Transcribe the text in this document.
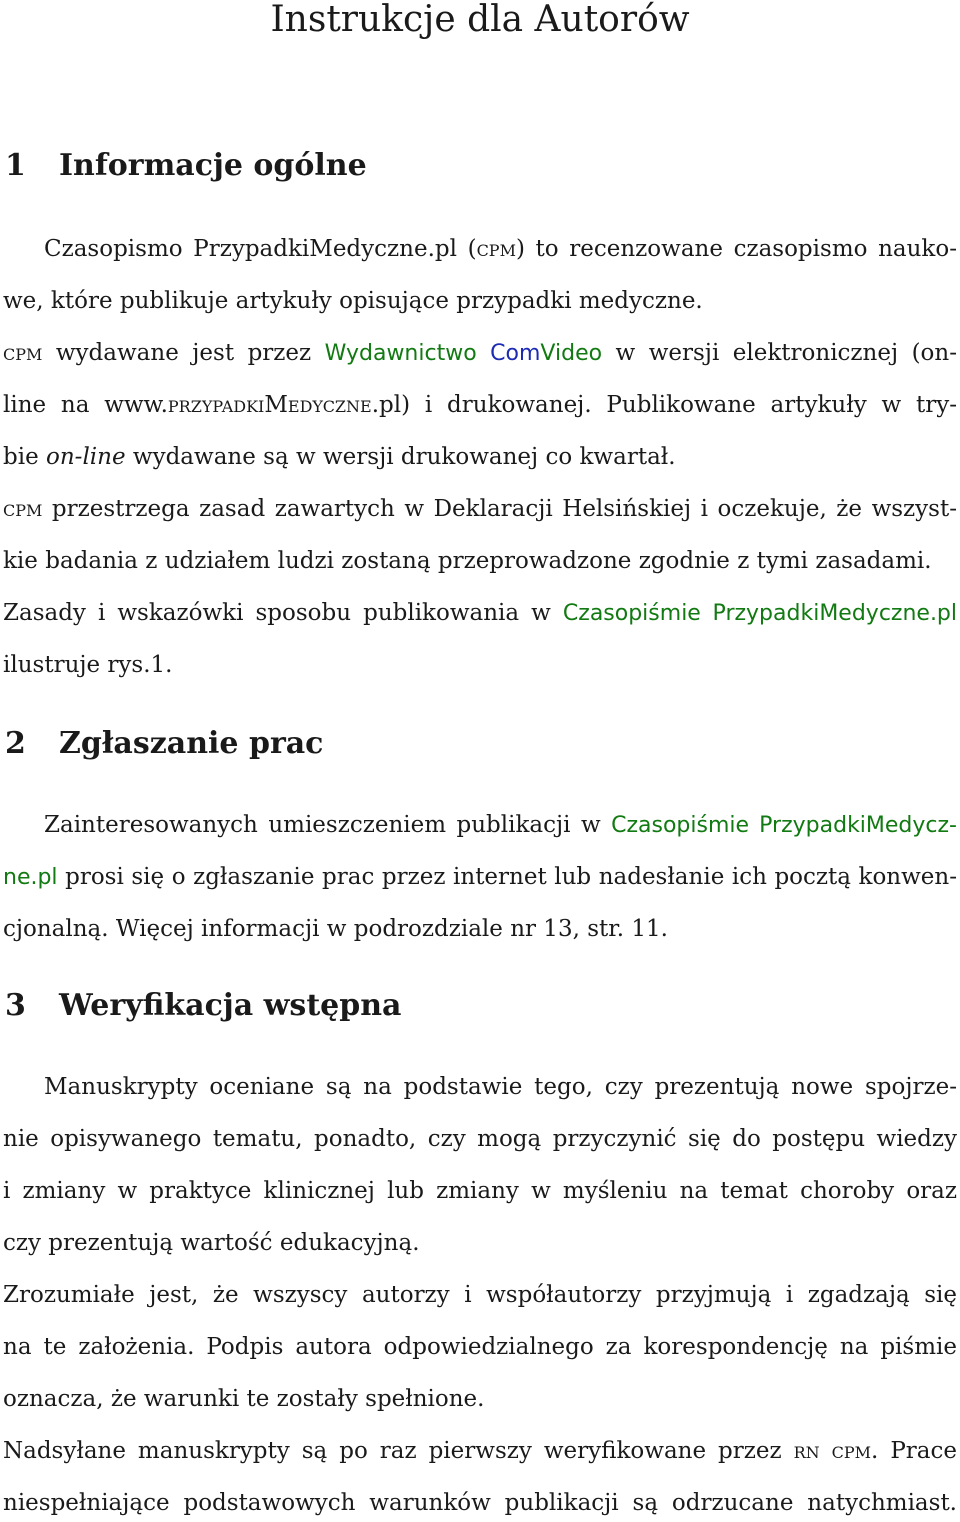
Instrukcje dla Autorów
1 Informacje ogólne
Czasopismo PrzypadkiMedyczne.pl (cpm) to recenzowane czasopismo nauko-
we, które publikuje artykuły opisujące przypadki medyczne.
cpm wydawane jest przez Wydawnictwo ComVideo w wersji elektronicznej (on-
line na www.przypadkiMedyczne.pl) i drukowanej. Publikowane artykuły w try-
bie on-line wydawane są w wersji drukowanej co kwartał.
cpm przestrzega zasad zawartych w Deklaracji Helsińskiej i oczekuje, że wszyst-
kie badania z udziałem ludzi zostaną przeprowadzone zgodnie z tymi zasadami.
Zasady i wskazówki sposobu publikowania w Czasopiśmie PrzypadkiMedyczne.pl
ilustruje rys.1.
2 Zgłaszanie prac
Zainteresowanych umieszczeniem publikacji w Czasopiśmie PrzypadkiMedycz-
ne.pl prosi się o zgłaszanie prac przez internet lub nadesłanie ich pocztą konwen-
cjonalną. Więcej informacji w podrozdziale nr 13, str. 11.
3 Weryfikacja wstępna
Manuskrypty oceniane są na podstawie tego, czy prezentują nowe spojrze-
nie opisywanego tematu, ponadto, czy mogą przyczynić się do postępu wiedzy
i zmiany w praktyce klinicznej lub zmiany w myśleniu na temat choroby oraz
czy prezentują wartość edukacyjną.
Zrozumiałe jest, że wszyscy autorzy i współautorzy przyjmują i zgadzają się
na te założenia. Podpis autora odpowiedzialnego za korespondencję na piśmie
oznacza, że warunki te zostały spełnione.
Nadsyłane manuskrypty są po raz pierwszy weryfikowane przez rn cpm. Prace
niespełniające podstawowych warunków publikacji są odrzucane natychmiast.
